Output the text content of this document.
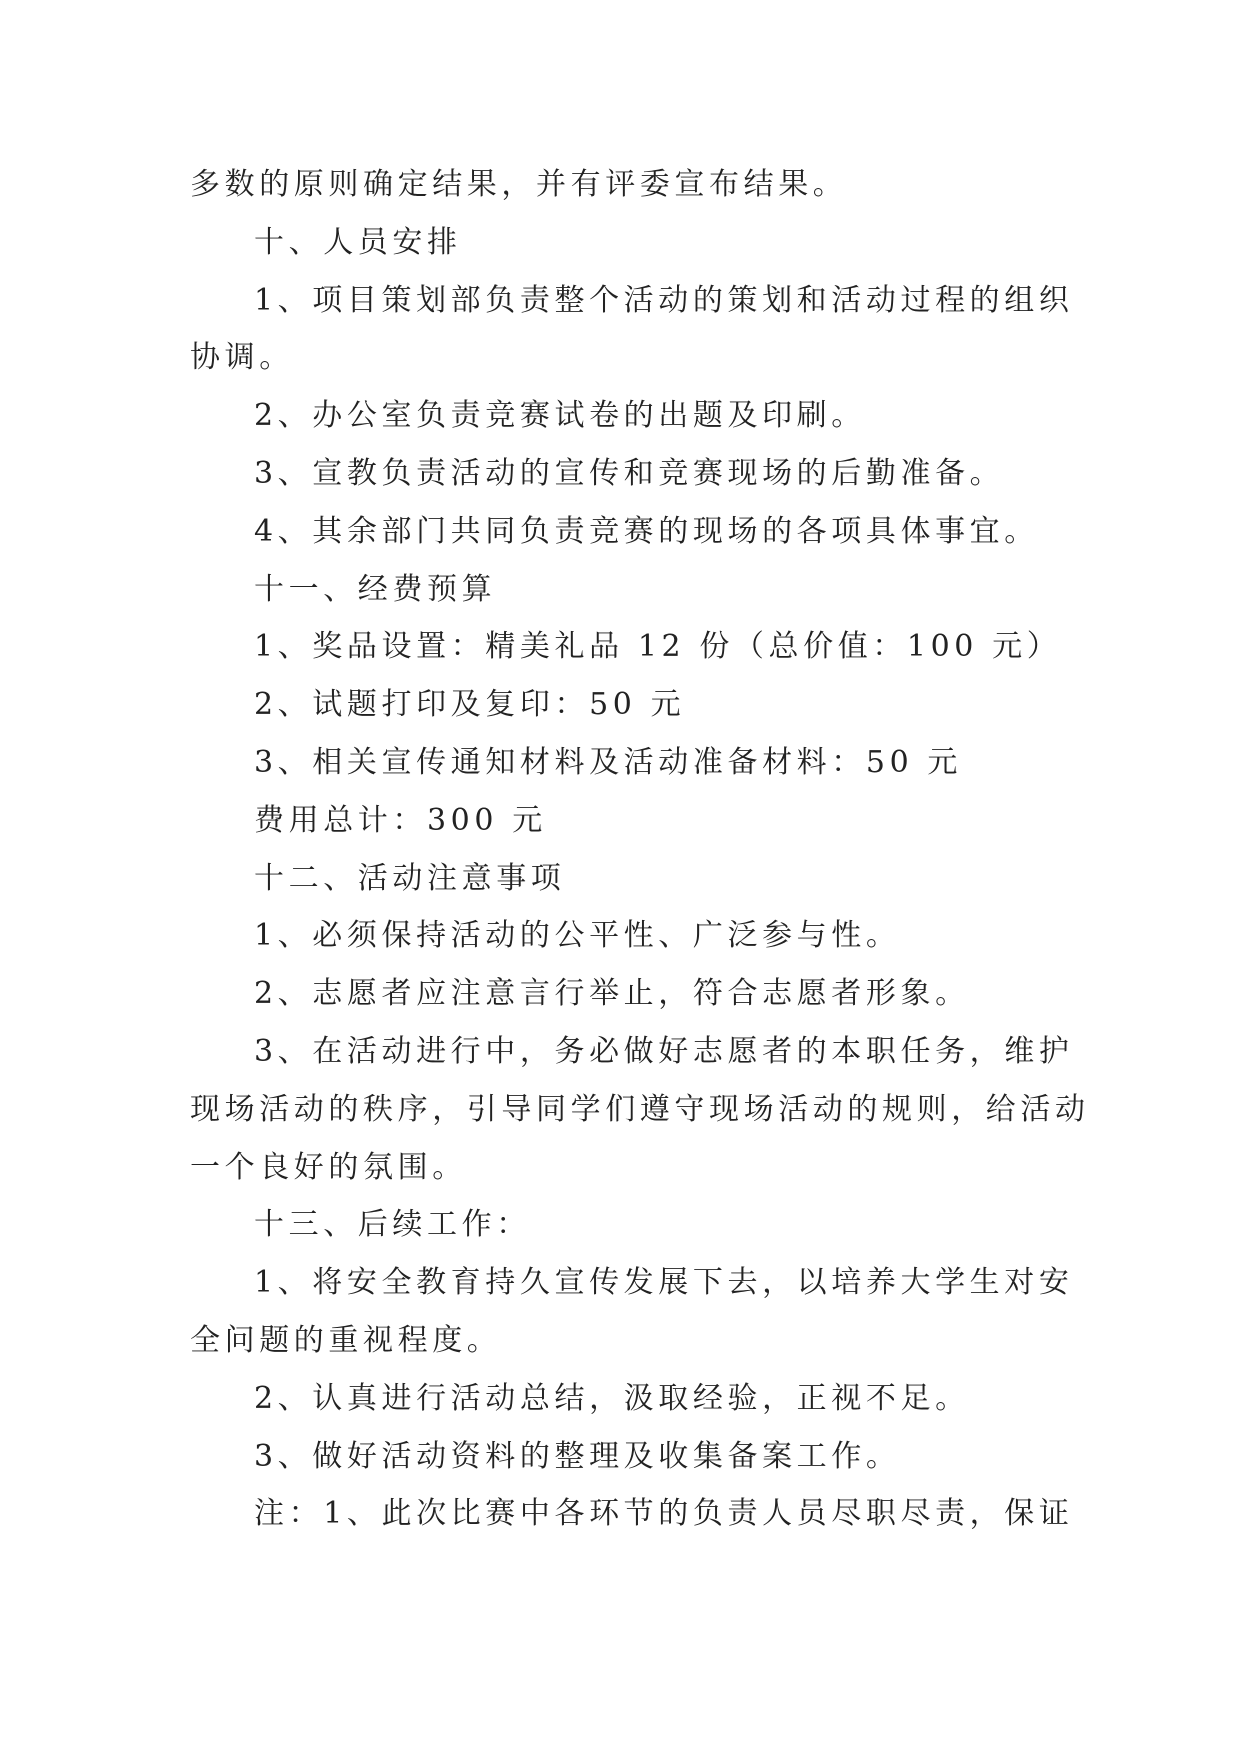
多数的原则确定结果，并有评委宣布结果。
十、人员安排
1、项目策划部负责整个活动的策划和活动过程的组织
协调。
2、办公室负责竞赛试卷的出题及印刷。
3、宣教负责活动的宣传和竞赛现场的后勤准备。
4、其余部门共同负责竞赛的现场的各项具体事宜。
十一、经费预算
1、奖品设置：精美礼品 12 份（总价值：100 元）
2、试题打印及复印：50 元
3、相关宣传通知材料及活动准备材料：50 元
费用总计：300 元
十二、活动注意事项
1、必须保持活动的公平性、广泛参与性。
2、志愿者应注意言行举止，符合志愿者形象。
3、在活动进行中，务必做好志愿者的本职任务，维护
现场活动的秩序，引导同学们遵守现场活动的规则，给活动
一个良好的氛围。
十三、后续工作：
1、将安全教育持久宣传发展下去，以培养大学生对安
全问题的重视程度。
2、认真进行活动总结，汲取经验，正视不足。
3、做好活动资料的整理及收集备案工作。
注：1、此次比赛中各环节的负责人员尽职尽责，保证
